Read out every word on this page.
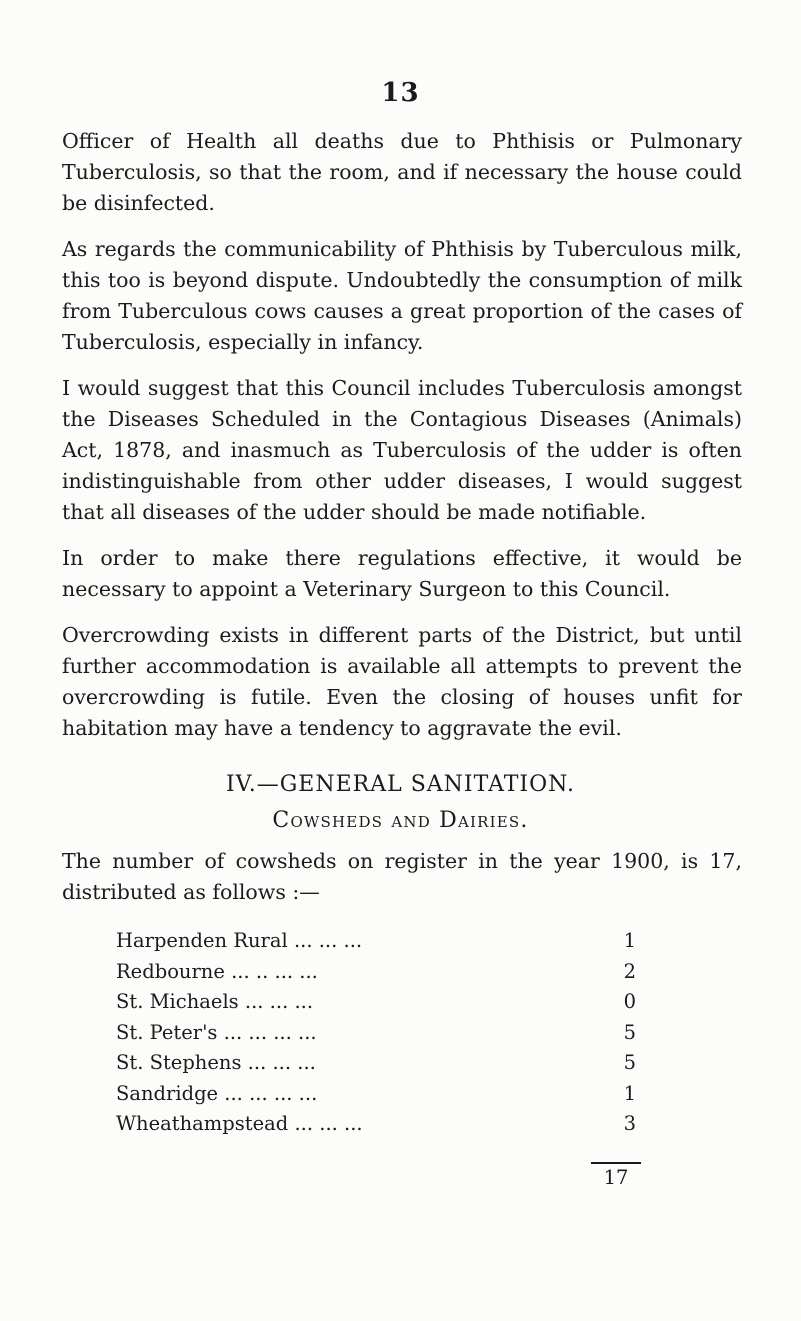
13

Officer of Health all deaths due to Phthisis or Pulmonary Tuberculosis, so that the room, and if necessary the house could be disinfected.

As regards the communicability of Phthisis by Tuberculous milk, this too is beyond dispute. Undoubtedly the consumption of milk from Tuberculous cows causes a great proportion of the cases of Tuberculosis, especially in infancy.

I would suggest that this Council includes Tuberculosis amongst the Diseases Scheduled in the Contagious Diseases (Animals) Act, 1878, and inasmuch as Tuberculosis of the udder is often indistinguishable from other udder diseases, I would suggest that all diseases of the udder should be made notifiable.

In order to make there regulations effective, it would be necessary to appoint a Veterinary Surgeon to this Council.

Overcrowding exists in different parts of the District, but until further accommodation is available all attempts to prevent the overcrowding is futile. Even the closing of houses unfit for habitation may have a tendency to aggravate the evil.

IV.—GENERAL SANITATION.
Cowsheds and Dairies.
The number of cowsheds on register in the year 1900, is 17, distributed as follows :—
Harpenden Rural ... ... ...	1
Redbourne ... .. ... ...	2
St. Michaels ... ... ...	0
St. Peter's ... ... ... ...	5
St. Stephens ... ... ...	5
Sandridge ... ... ... ...	1
Wheathampstead ... ... ...	3
17
